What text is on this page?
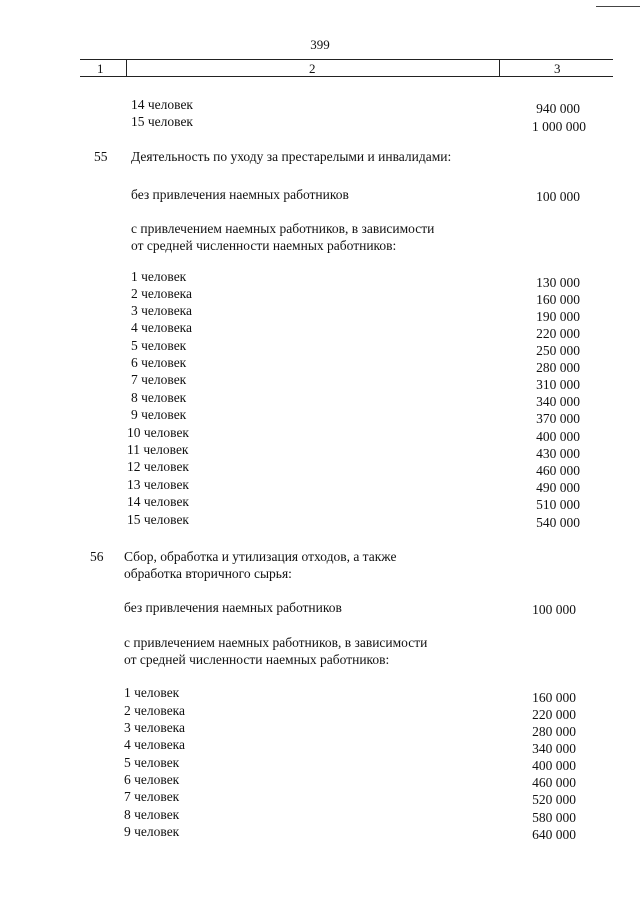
399
1	2	3
14 человек	940 000
15 человек	1 000 000
55 Деятельность по уходу за престарелыми и инвалидами:
без привлечения наемных работников	100 000
с привлечением наемных работников, в зависимости
от средней численности наемных работников:
1 человек	130 000
2 человека	160 000
3 человека	190 000
4 человека	220 000
5 человек	250 000
6 человек	280 000
7 человек	310 000
8 человек	340 000
9 человек	370 000
10 человек	400 000
11 человек	430 000
12 человек	460 000
13 человек	490 000
14 человек	510 000
15 человек	540 000
56 Сбор, обработка и утилизация отходов, а также
обработка вторичного сырья:
без привлечения наемных работников	100 000
с привлечением наемных работников, в зависимости
от средней численности наемных работников:
1 человек	160 000
2 человека	220 000
3 человека	280 000
4 человека	340 000
5 человек	400 000
6 человек	460 000
7 человек	520 000
8 человек	580 000
9 человек	640 000
